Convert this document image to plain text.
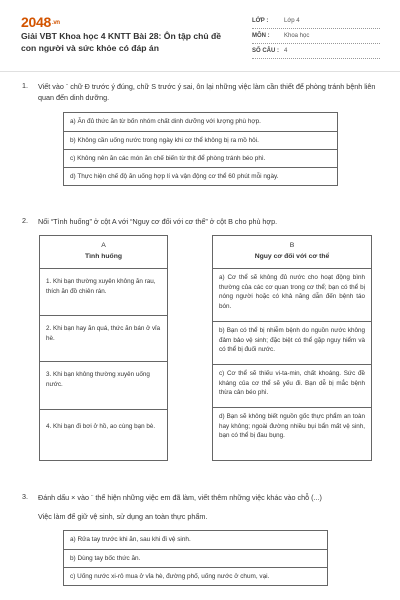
2048.vn
Giải VBT Khoa học 4 KNTT Bài 28: Ôn tập chủ đề con người và sức khỏe có đáp án
LỚP :	Lớp 4
MÔN : Khoa học
SỐ CÂU : 4
1. Viết vào ¨ chữ Đ trước ý đúng, chữ S trước ý sai, ôn lại những việc làm cần thiết để phòng tránh bệnh liên quan đến dinh dưỡng.
a) Ăn đủ thức ăn từ bốn nhóm chất dinh dưỡng với lượng phù hợp.
b) Không cần uống nước trong ngày khi cơ thể không bị ra mồ hôi.
c) Không nên ăn các món ăn chế biến từ thịt để phòng tránh béo phì.
d) Thực hiện chế độ ăn uống hợp lí và vận động cơ thể 60 phút mỗi ngày.
2. Nối “Tình huống” ở cột A với “Nguy cơ đối với cơ thể” ở cột B cho phù hợp.
A
Tình huống
1. Khi bạn thường xuyên không ăn rau, thích ăn đồ chiên rán.
2. Khi bạn hay ăn quá, thức ăn bán ở vỉa hè.
3. Khi bạn không thường xuyên uống nước.
4. Khi bạn đi bơi ở hồ, ao cùng bạn bè.
B
Nguy cơ đối với cơ thể
a) Cơ thể sẽ không đủ nước cho hoạt động bình thường của các cơ quan trong cơ thể; bạn có thể bị nóng người hoặc có khả năng dẫn đến bệnh táo bón.
b) Bạn có thể bị nhiễm bệnh do nguồn nước không đảm bảo vệ sinh; đặc biệt có thể gặp nguy hiểm và có thể bị đuối nước.
c) Cơ thể sẽ thiếu vi-ta-min, chất khoáng. Sức đề kháng của cơ thể sẽ yếu đi. Bạn dễ bị mắc bệnh thừa cân béo phì.
d) Bạn sẽ không biết nguồn gốc thực phẩm an toàn hay không; ngoài đường nhiều bụi bẩn mất vệ sinh, bạn có thể bị đau bụng.
3. Đánh dấu × vào ¨ thể hiện những việc em đã làm, viết thêm những việc khác vào chỗ (...)
Việc làm để giữ vệ sinh, sử dụng an toàn thực phẩm.
a) Rửa tay trước khi ăn, sau khi đi vệ sinh.
b) Dùng tay bốc thức ăn.
c) Uống nước xi-rô mua ở vỉa hè, đường phố, uống nước ở chum, vại.
